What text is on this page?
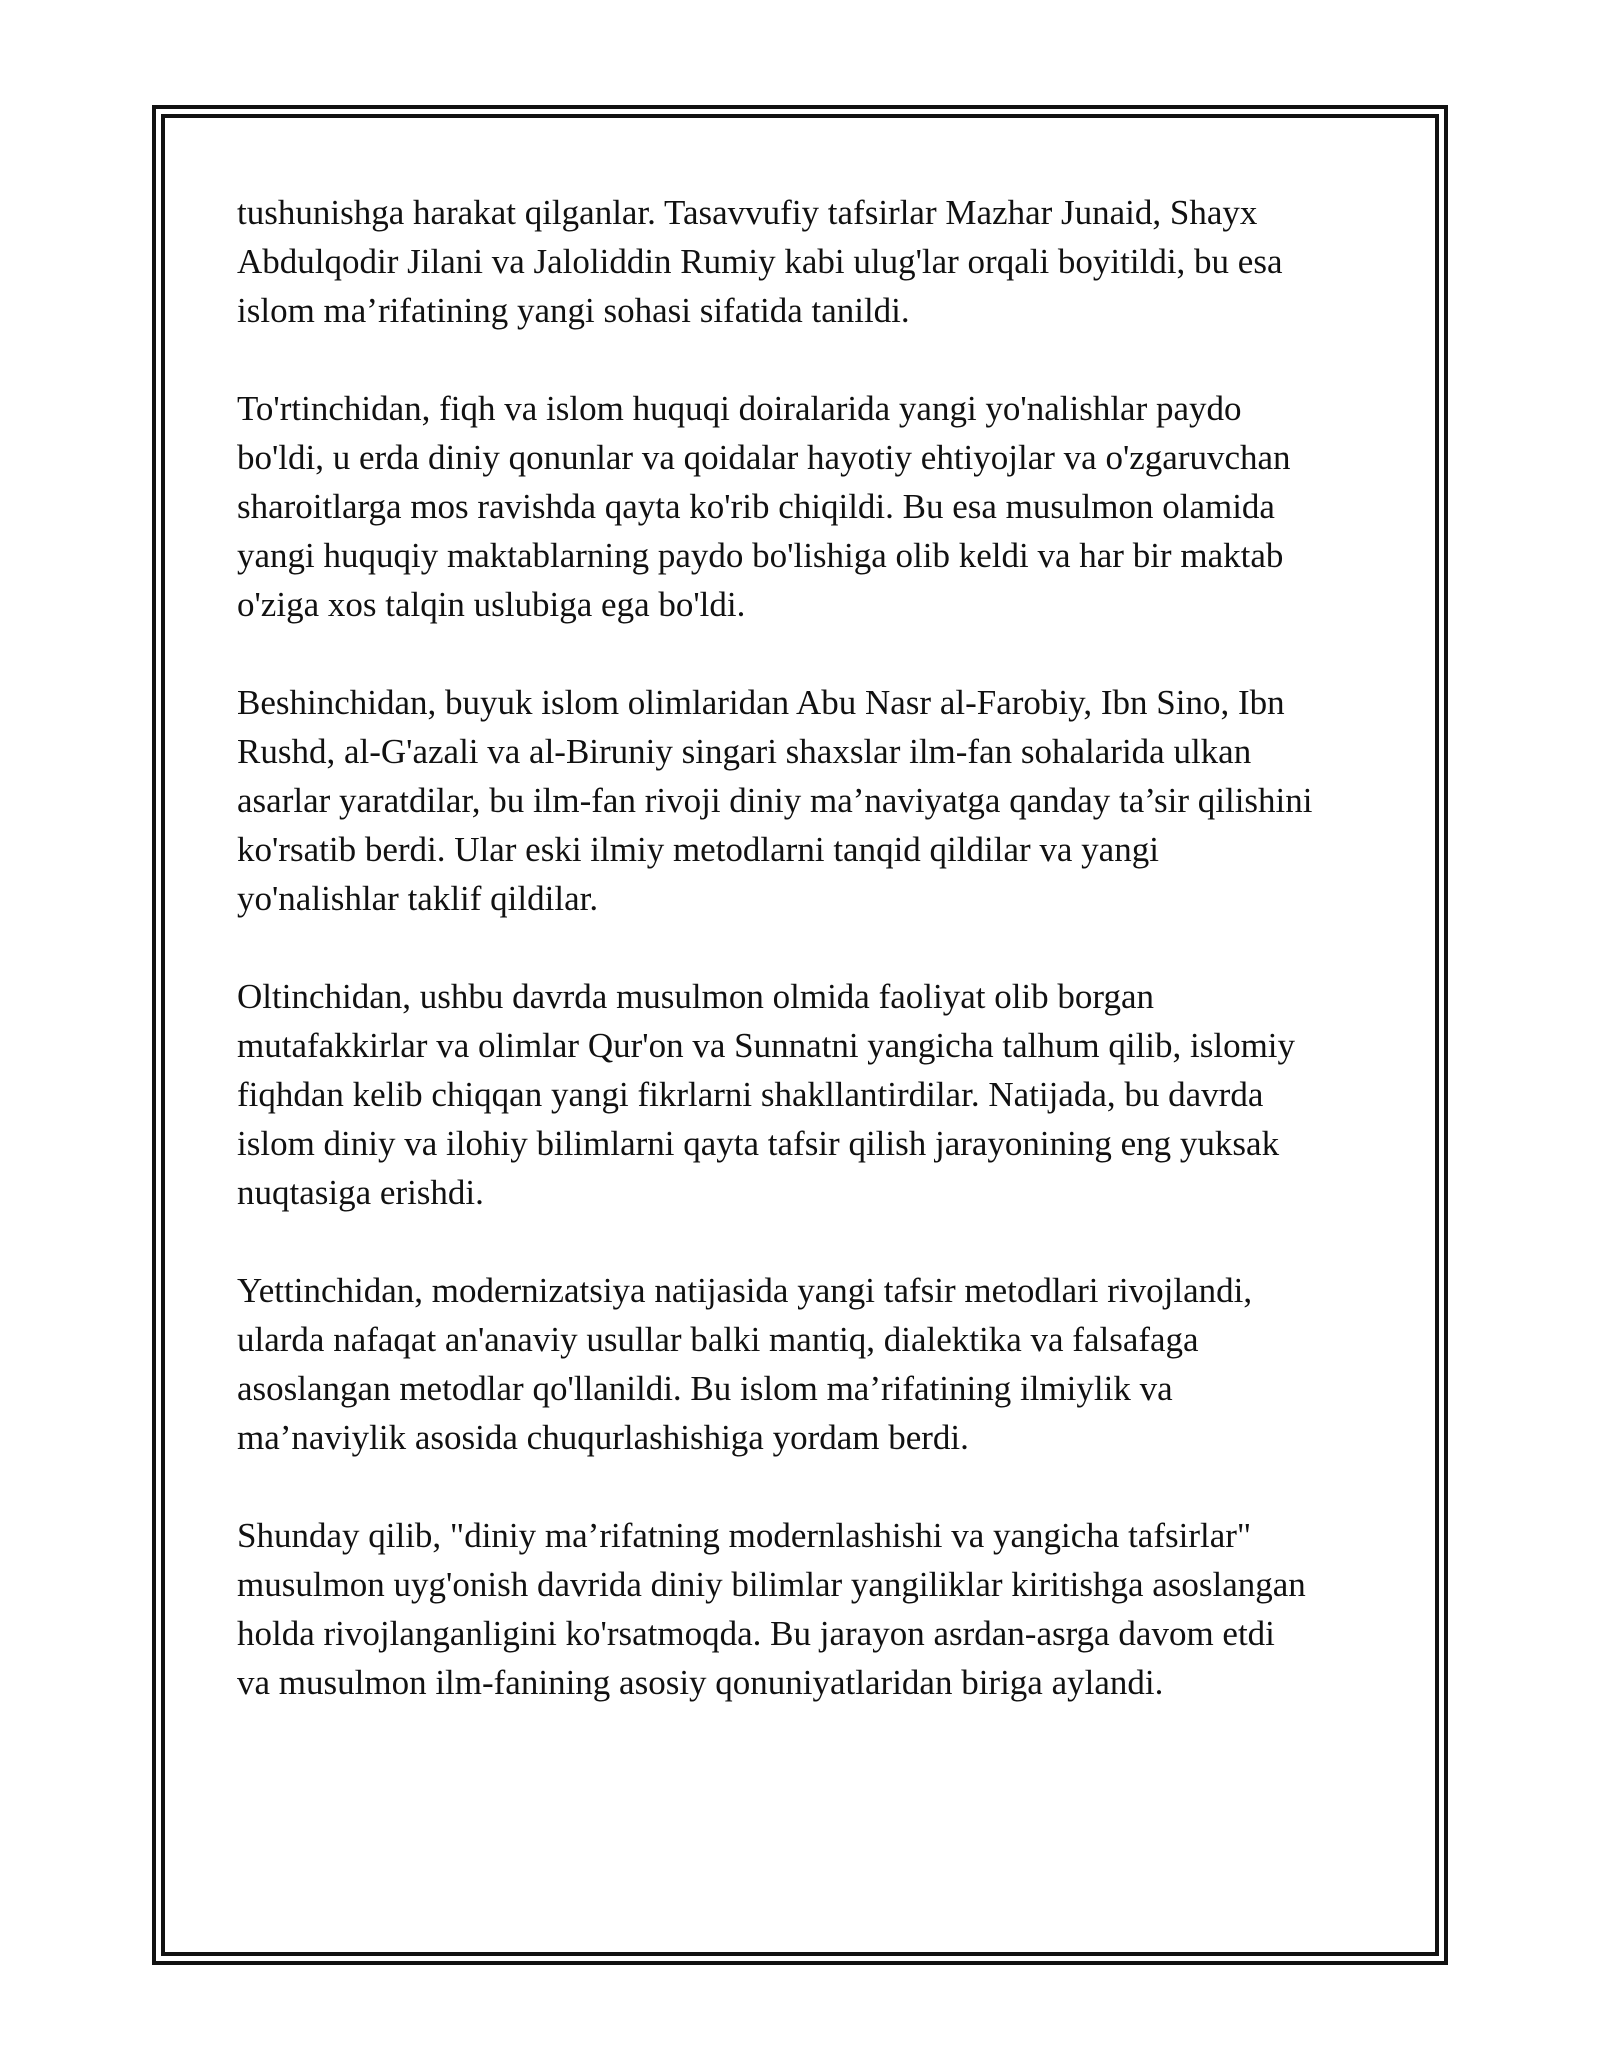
tushunishga harakat qilganlar. Tasavvufiy tafsirlar Mazhar Junaid, Shayx
Abdulqodir Jilani va Jaloliddin Rumiy kabi ulug'lar orqali boyitildi, bu esa
islom ma’rifatining yangi sohasi sifatida tanildi.

To'rtinchidan, fiqh va islom huquqi doiralarida yangi yo'nalishlar paydo
bo'ldi, u erda diniy qonunlar va qoidalar hayotiy ehtiyojlar va o'zgaruvchan
sharoitlarga mos ravishda qayta ko'rib chiqildi. Bu esa musulmon olamida
yangi huquqiy maktablarning paydo bo'lishiga olib keldi va har bir maktab
o'ziga xos talqin uslubiga ega bo'ldi.

Beshinchidan, buyuk islom olimlaridan Abu Nasr al-Farobiy, Ibn Sino, Ibn
Rushd, al-G'azali va al-Biruniy singari shaxslar ilm-fan sohalarida ulkan
asarlar yaratdilar, bu ilm-fan rivoji diniy ma’naviyatga qanday ta’sir qilishini
ko'rsatib berdi. Ular eski ilmiy metodlarni tanqid qildilar va yangi
yo'nalishlar taklif qildilar.

Oltinchidan, ushbu davrda musulmon olmida faoliyat olib borgan
mutafakkirlar va olimlar Qur'on va Sunnatni yangicha talhum qilib, islomiy
fiqhdan kelib chiqqan yangi fikrlarni shakllantirdilar. Natijada, bu davrda
islom diniy va ilohiy bilimlarni qayta tafsir qilish jarayonining eng yuksak
nuqtasiga erishdi.

Yettinchidan, modernizatsiya natijasida yangi tafsir metodlari rivojlandi,
ularda nafaqat an'anaviy usullar balki mantiq, dialektika va falsafaga
asoslangan metodlar qo'llanildi. Bu islom ma’rifatining ilmiylik va
ma’naviylik asosida chuqurlashishiga yordam berdi.

Shunday qilib, "diniy ma’rifatning modernlashishi va yangicha tafsirlar"
musulmon uyg'onish davrida diniy bilimlar yangiliklar kiritishga asoslangan
holda rivojlanganligini ko'rsatmoqda. Bu jarayon asrdan-asrga davom etdi
va musulmon ilm-fanining asosiy qonuniyatlaridan biriga aylandi.
